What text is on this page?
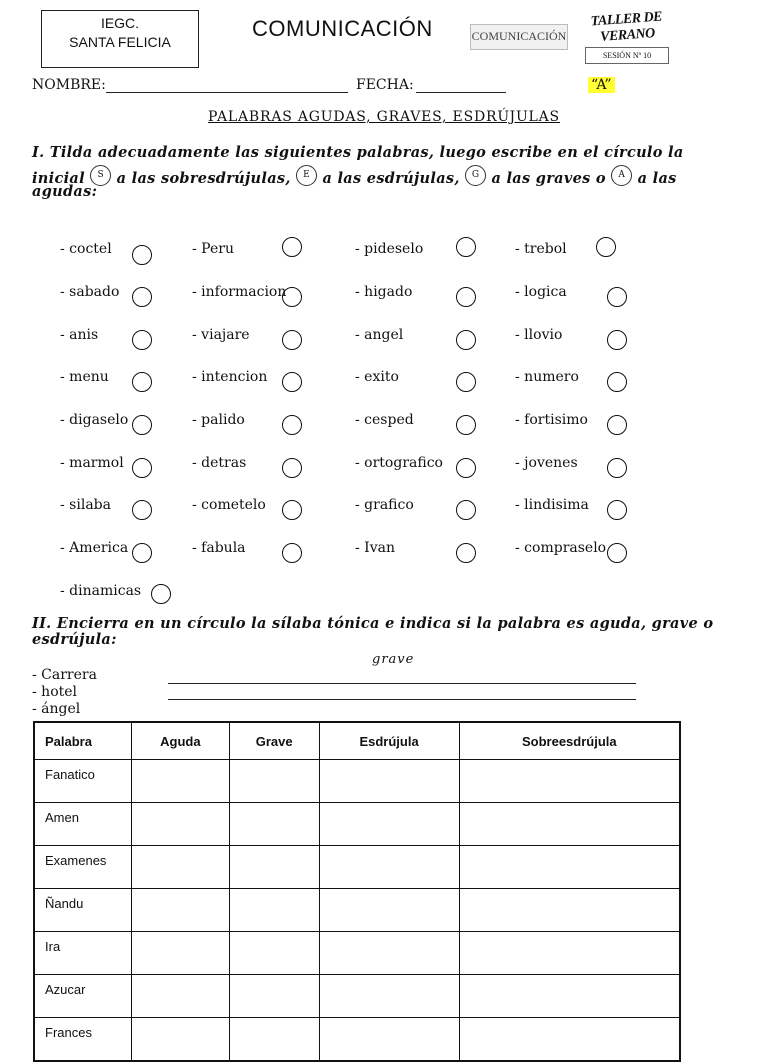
IEGC.
SANTA FELICIA
COMUNICACIÓN	COMUNICACIÓN
TALLER DE VERANO
SESIÓN Nº 10
NOMBRE:	FECHA:	“A”
PALABRAS AGUDAS, GRAVES, ESDRÚJULAS
I. Tilda adecuadamente las siguientes palabras, luego escribe en el círculo la
inicial S a las sobresdrújulas, E a las esdrújulas, G a las graves o A a las
agudas:
- coctel	- Peru	- pideselo	- trebol
- sabado	- informacion	- higado	- logica
- anis	- viajare	- angel	- llovio
- menu	- intencion	- exito	- numero
- digaselo	- palido	- cesped	- fortisimo
- marmol	- detras	- ortografico	- jovenes
- silaba	- cometelo	- grafico	- lindisima
- America	- fabula	- Ivan	- compraselo
- dinamicas
II. Encierra en un círculo la sílaba tónica e indica si la palabra es aguda, grave o
esdrújula:
grave
- Carrera
- hotel
- ángel
Palabra	Aguda	Grave	Esdrújula	Sobreesdrújula
Fanatico				
Amen				
Examenes				
Ñandu				
Ira				
Azucar				
Frances				
